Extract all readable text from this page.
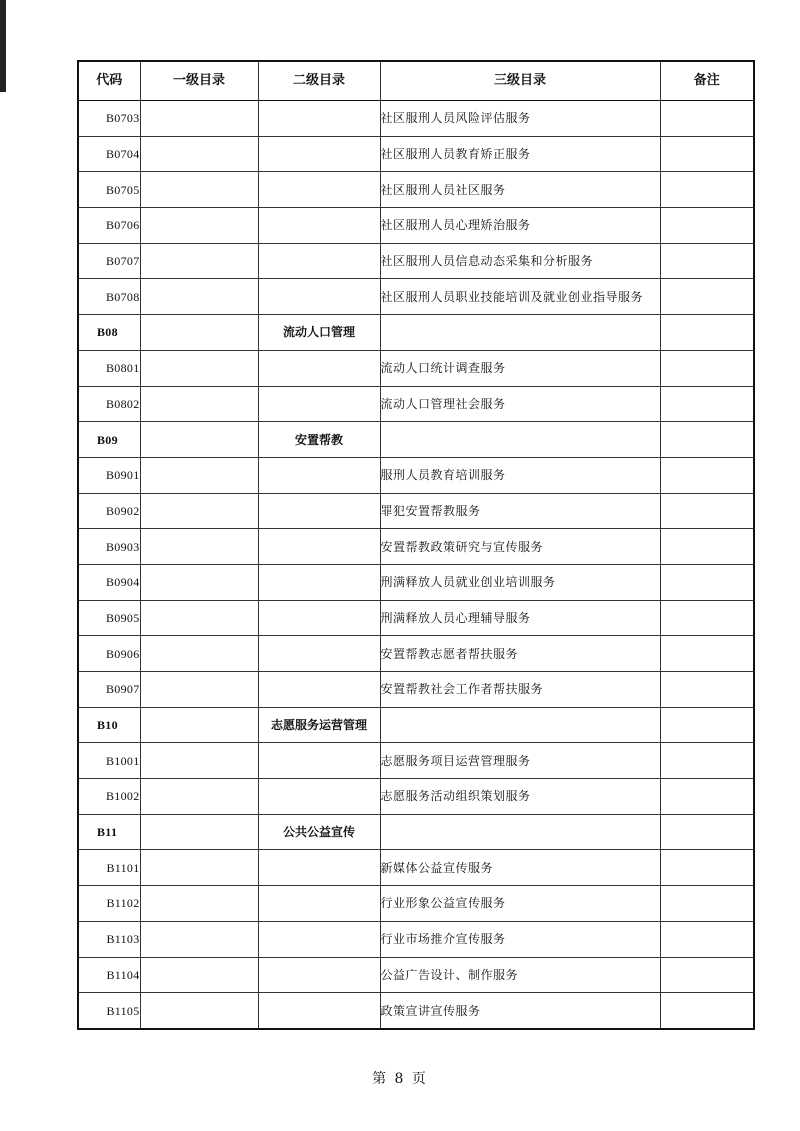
代码	一级目录	二级目录	三级目录	备注
B0703			社区服刑人员风险评估服务	
B0704			社区服刑人员教育矫正服务	
B0705			社区服刑人员社区服务	
B0706			社区服刑人员心理矫治服务	
B0707			社区服刑人员信息动态采集和分析服务	
B0708			社区服刑人员职业技能培训及就业创业指导服务	
B08		流动人口管理		
B0801			流动人口统计调查服务	
B0802			流动人口管理社会服务	
B09		安置帮教		
B0901			服刑人员教育培训服务	
B0902			罪犯安置帮教服务	
B0903			安置帮教政策研究与宣传服务	
B0904			刑满释放人员就业创业培训服务	
B0905			刑满释放人员心理辅导服务	
B0906			安置帮教志愿者帮扶服务	
B0907			安置帮教社会工作者帮扶服务	
B10		志愿服务运营管理		
B1001			志愿服务项目运营管理服务	
B1002			志愿服务活动组织策划服务	
B11		公共公益宣传		
B1101			新媒体公益宣传服务	
B1102			行业形象公益宣传服务	
B1103			行业市场推介宣传服务	
B1104			公益广告设计、制作服务	
B1105			政策宣讲宣传服务	
第 8 页
